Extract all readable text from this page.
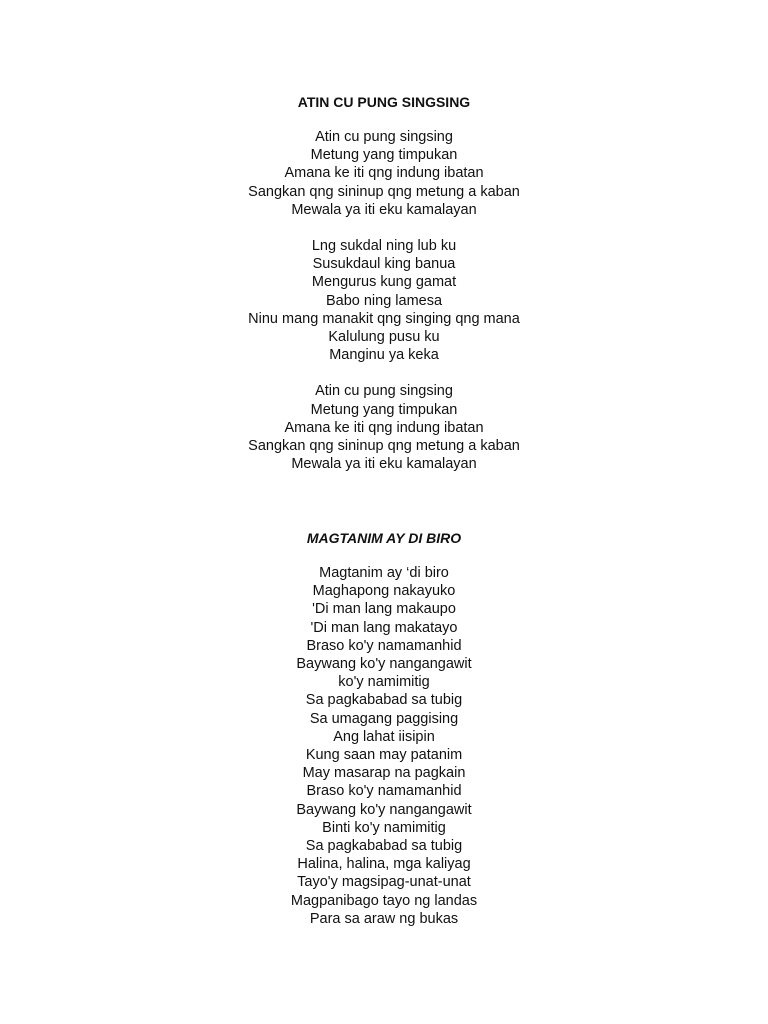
ATIN CU PUNG SINGSING
Atin cu pung singsing
Metung yang timpukan
Amana ke iti qng indung ibatan
Sangkan qng sininup qng metung a kaban
Mewala ya iti eku kamalayan
Lng sukdal ning lub ku
Susukdaul king banua
Mengurus kung gamat
Babo ning lamesa
Ninu mang manakit qng singing qng mana
Kalulung pusu ku
Manginu ya keka
Atin cu pung singsing
Metung yang timpukan
Amana ke iti qng indung ibatan
Sangkan qng sininup qng metung a kaban
Mewala ya iti eku kamalayan
MAGTANIM AY DI BIRO
Magtanim ay ‘di biro
Maghapong nakayuko
'Di man lang makaupo
'Di man lang makatayo
Braso ko'y namamanhid
Baywang ko'y nangangawit
ko'y namimitig
Sa pagkababad sa tubig
Sa umagang paggising
Ang lahat iisipin
Kung saan may patanim
May masarap na pagkain
Braso ko'y namamanhid
Baywang ko'y nangangawit
Binti ko'y namimitig
Sa pagkababad sa tubig
Halina, halina, mga kaliyag
Tayo'y magsipag-unat-unat
Magpanibago tayo ng landas
Para sa araw ng bukas
